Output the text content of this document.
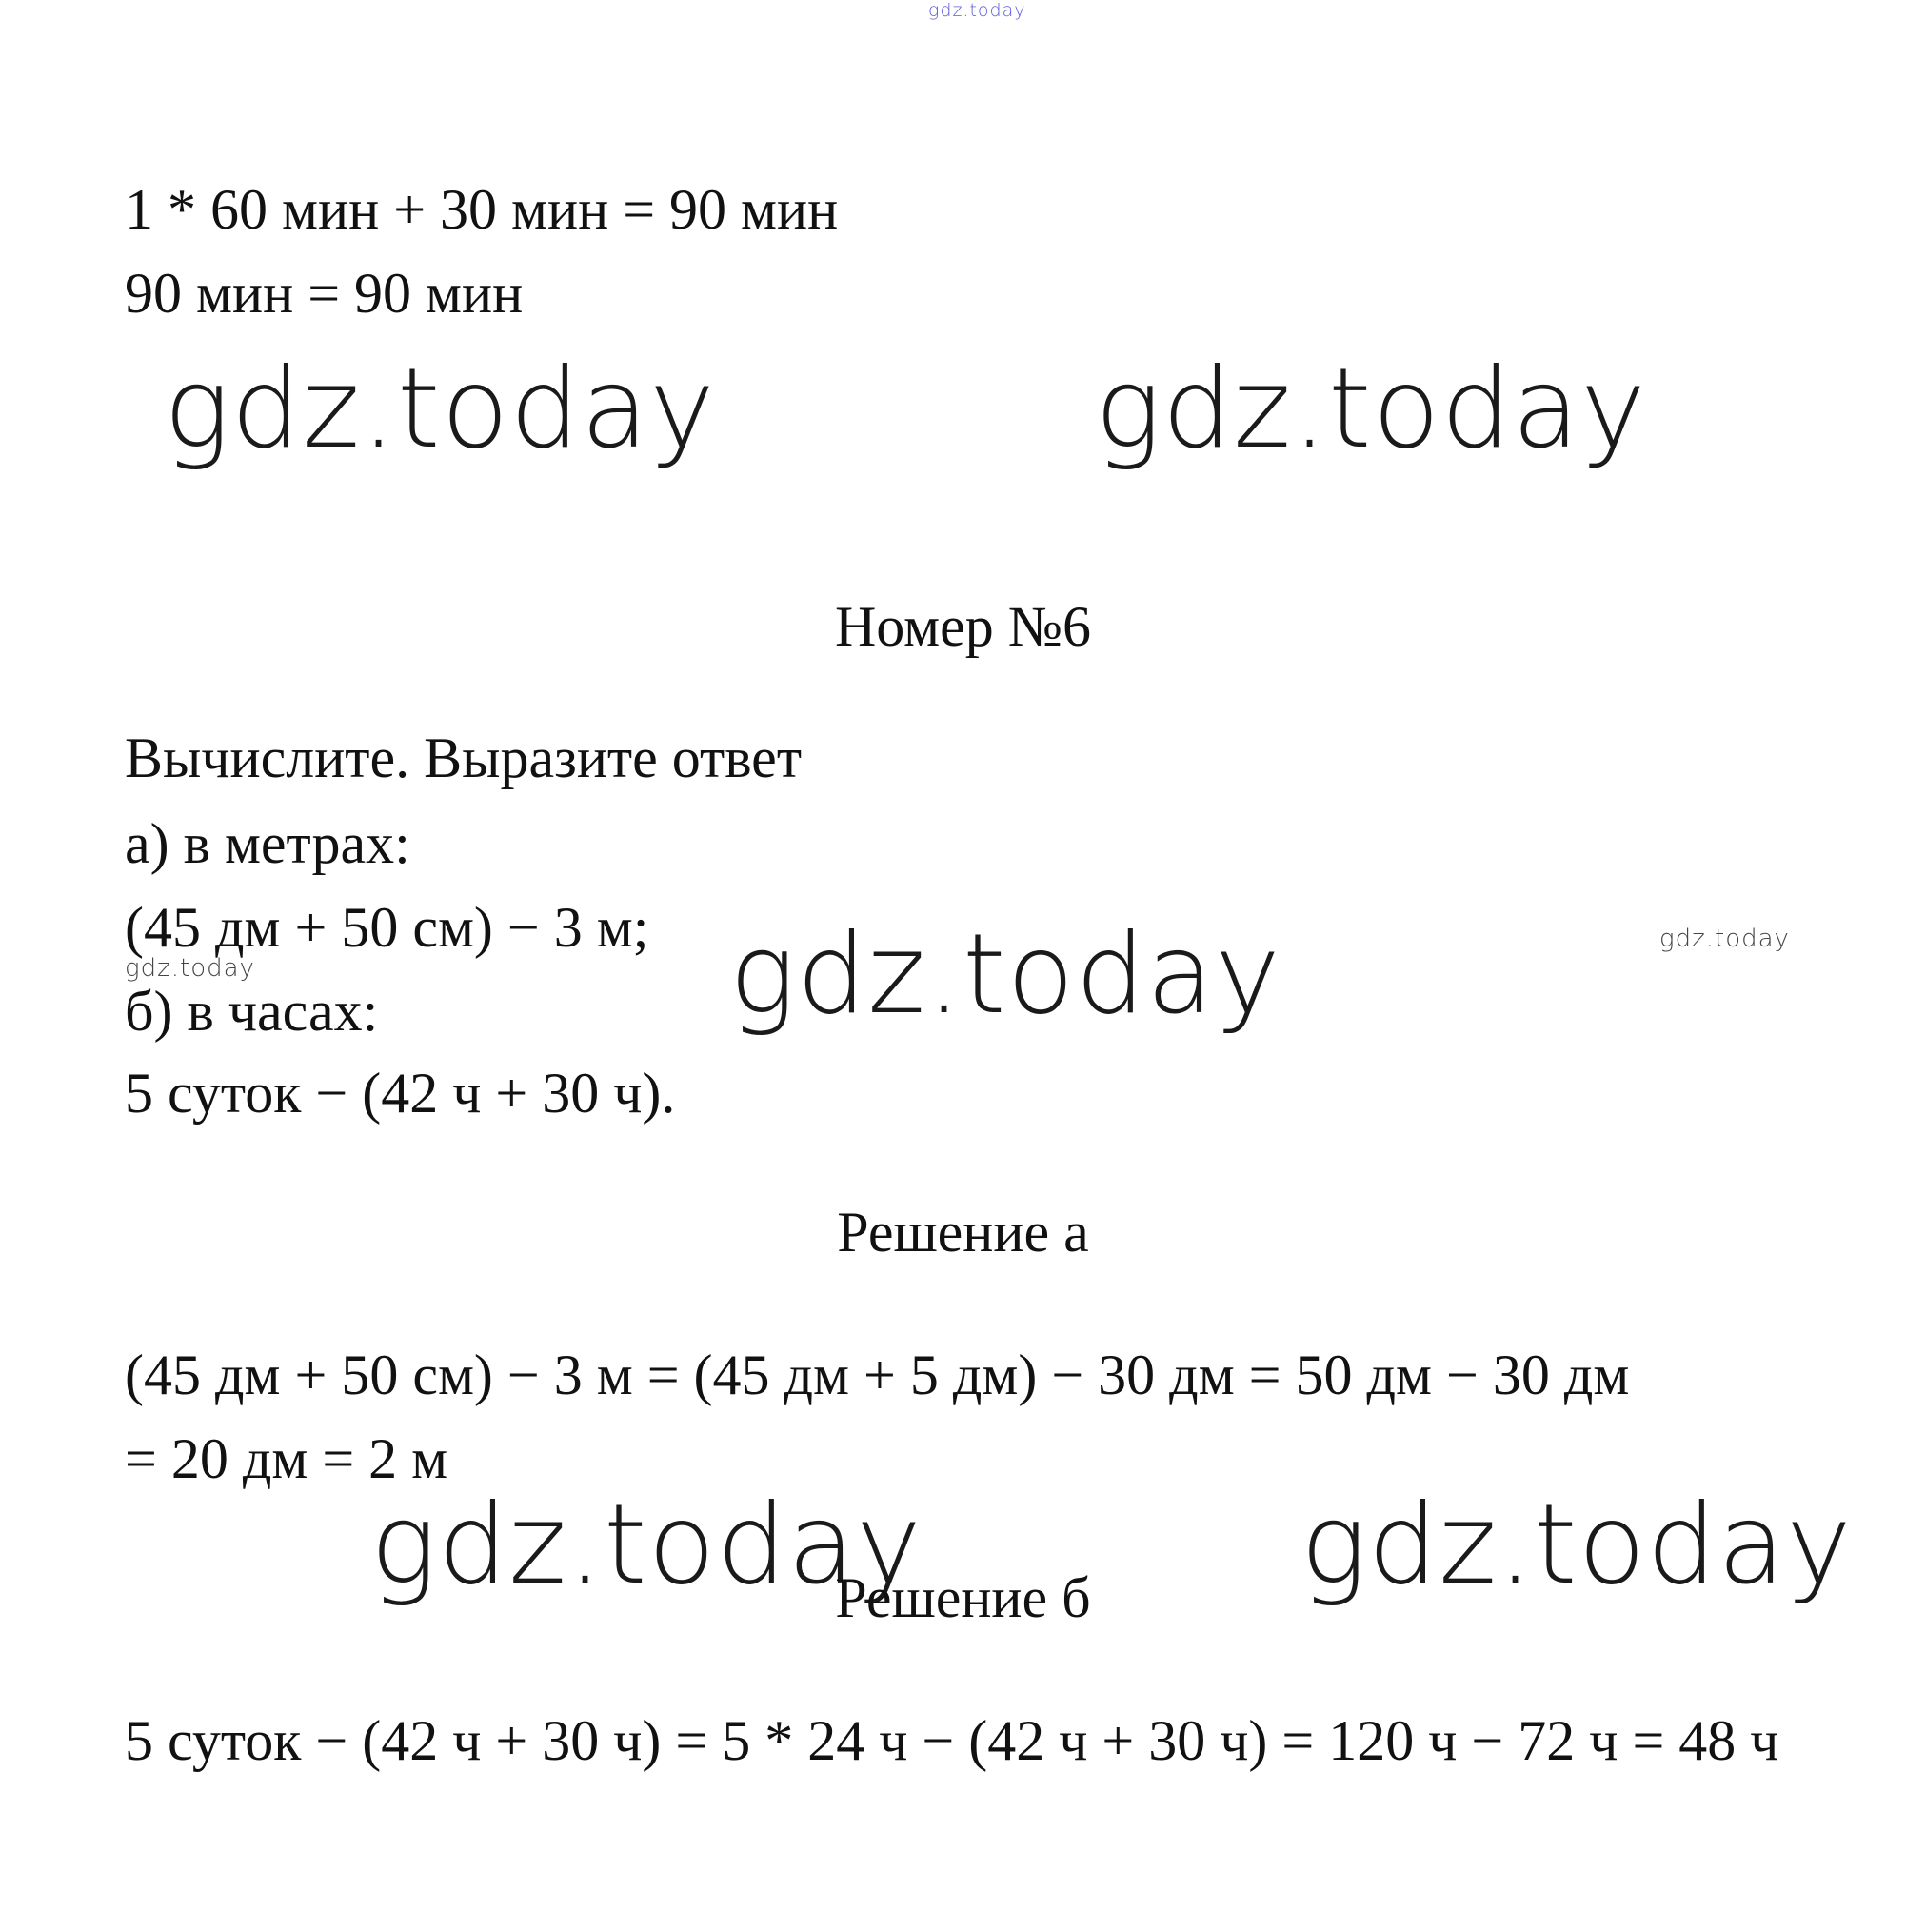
gdz.today
1 * 60 мин + 30 мин = 90 мин
90 мин = 90 мин
gdz.today	gdz.today
Номер №6
Вычислите. Выразите ответ
а) в метрах:
(45 дм + 50 см) − 3 м;
gdz.today
gdz.today
gdz.today
б) в часах:
5 суток − (42 ч + 30 ч).
Решение а
(45 дм + 50 см) − 3 м = (45 дм + 5 дм) − 30 дм = 50 дм − 30 дм
= 20 дм = 2 м
gdz.today	gdz.today
Решение б
5 суток − (42 ч + 30 ч) = 5 * 24 ч − (42 ч + 30 ч) = 120 ч − 72 ч = 48 ч
